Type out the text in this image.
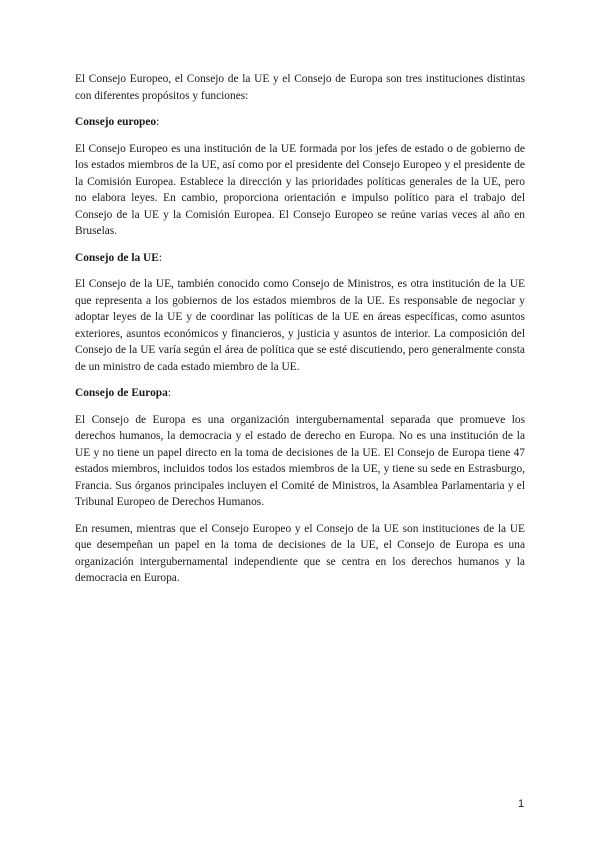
El Consejo Europeo, el Consejo de la UE y el Consejo de Europa son tres instituciones distintas con diferentes propósitos y funciones:

Consejo europeo:

El Consejo Europeo es una institución de la UE formada por los jefes de estado o de gobierno de los estados miembros de la UE, así como por el presidente del Consejo Europeo y el presidente de la Comisión Europea. Establece la dirección y las prioridades políticas generales de la UE, pero no elabora leyes. En cambio, proporciona orientación e impulso político para el trabajo del Consejo de la UE y la Comisión Europea. El Consejo Europeo se reúne varias veces al año en Bruselas.

Consejo de la UE:

El Consejo de la UE, también conocido como Consejo de Ministros, es otra institución de la UE que representa a los gobiernos de los estados miembros de la UE. Es responsable de negociar y adoptar leyes de la UE y de coordinar las políticas de la UE en áreas específicas, como asuntos exteriores, asuntos económicos y financieros, y justicia y asuntos de interior. La composición del Consejo de la UE varía según el área de política que se esté discutiendo, pero generalmente consta de un ministro de cada estado miembro de la UE.

Consejo de Europa:

El Consejo de Europa es una organización intergubernamental separada que promueve los derechos humanos, la democracia y el estado de derecho en Europa. No es una institución de la UE y no tiene un papel directo en la toma de decisiones de la UE. El Consejo de Europa tiene 47 estados miembros, incluidos todos los estados miembros de la UE, y tiene su sede en Estrasburgo, Francia. Sus órganos principales incluyen el Comité de Ministros, la Asamblea Parlamentaria y el Tribunal Europeo de Derechos Humanos.

En resumen, mientras que el Consejo Europeo y el Consejo de la UE son instituciones de la UE que desempeñan un papel en la toma de decisiones de la UE, el Consejo de Europa es una organización intergubernamental independiente que se centra en los derechos humanos y la democracia en Europa.

1
